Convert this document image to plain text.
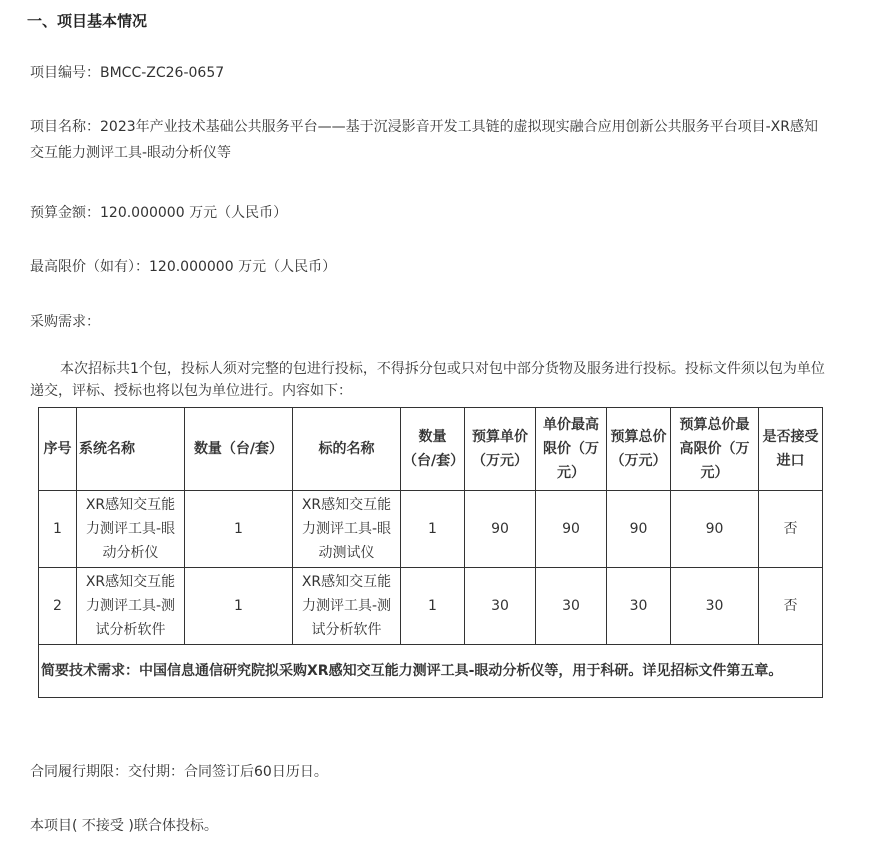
一、项目基本情况

项目编号：BMCC-ZC26-0657

项目名称：2023年产业技术基础公共服务平台——基于沉浸影音开发工具链的虚拟现实融合应用创新公共服务平台项目-XR感知交互能力测评工具-眼动分析仪等

预算金额：120.000000 万元（人民币）

最高限价（如有）：120.000000 万元（人民币）

采购需求：

本次招标共1个包，投标人须对完整的包进行投标，不得拆分包或只对包中部分货物及服务进行投标。投标文件须以包为单位递交，评标、授标也将以包为单位进行。内容如下：

序号	系统名称	数量（台/套）	标的名称	数量（台/套）	预算单价（万元）	单价最高限价（万元）	预算总价（万元）	预算总价最高限价（万元）	是否接受进口
1	XR感知交互能力测评工具-眼动分析仪	1	XR感知交互能力测评工具-眼动测试仪	1	90	90	90	90	否
2	XR感知交互能力测评工具-测试分析软件	1	XR感知交互能力测评工具-测试分析软件	1	30	30	30	30	否
简要技术需求：中国信息通信研究院拟采购XR感知交互能力测评工具-眼动分析仪等，用于科研。详见招标文件第五章。									

合同履行期限：交付期：合同签订后60日历日。

本项目( 不接受 )联合体投标。
